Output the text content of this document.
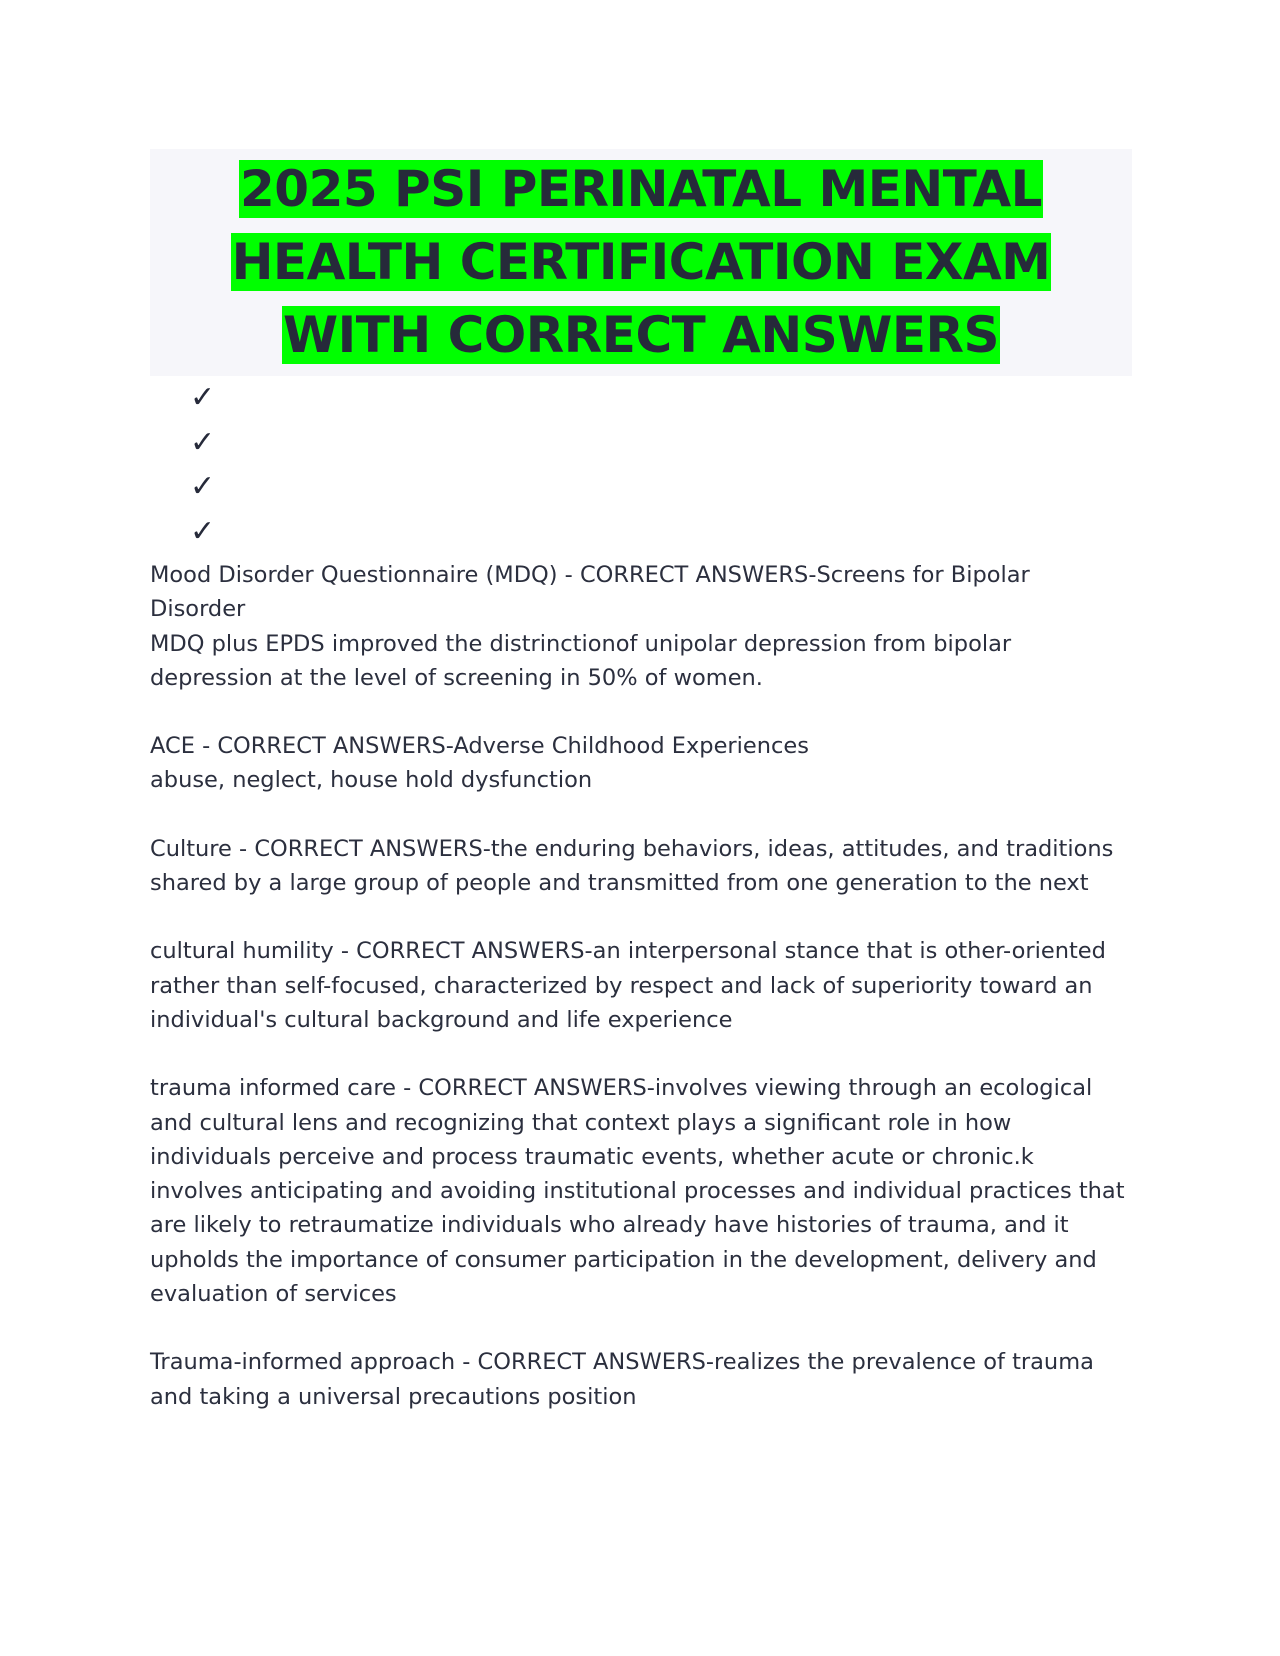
2025 PSI PERINATAL MENTAL HEALTH CERTIFICATION EXAM WITH CORRECT ANSWERS
✓
✓
✓
✓

Mood Disorder Questionnaire (MDQ) - CORRECT ANSWERS-Screens for Bipolar Disorder
MDQ plus EPDS improved the distrinctionof unipolar depression from bipolar depression at the level of screening in 50% of women.

ACE - CORRECT ANSWERS-Adverse Childhood Experiences
abuse, neglect, house hold dysfunction

Culture - CORRECT ANSWERS-the enduring behaviors, ideas, attitudes, and traditions shared by a large group of people and transmitted from one generation to the next

cultural humility - CORRECT ANSWERS-an interpersonal stance that is other-oriented rather than self-focused, characterized by respect and lack of superiority toward an individual's cultural background and life experience

trauma informed care - CORRECT ANSWERS-involves viewing through an ecological and cultural lens and recognizing that context plays a significant role in how individuals perceive and process traumatic events, whether acute or chronic.k
involves anticipating and avoiding institutional processes and individual practices that are likely to retraumatize individuals who already have histories of trauma, and it upholds the importance of consumer participation in the development, delivery and evaluation of services

Trauma-informed approach - CORRECT ANSWERS-realizes the prevalence of trauma and taking a universal precautions position
